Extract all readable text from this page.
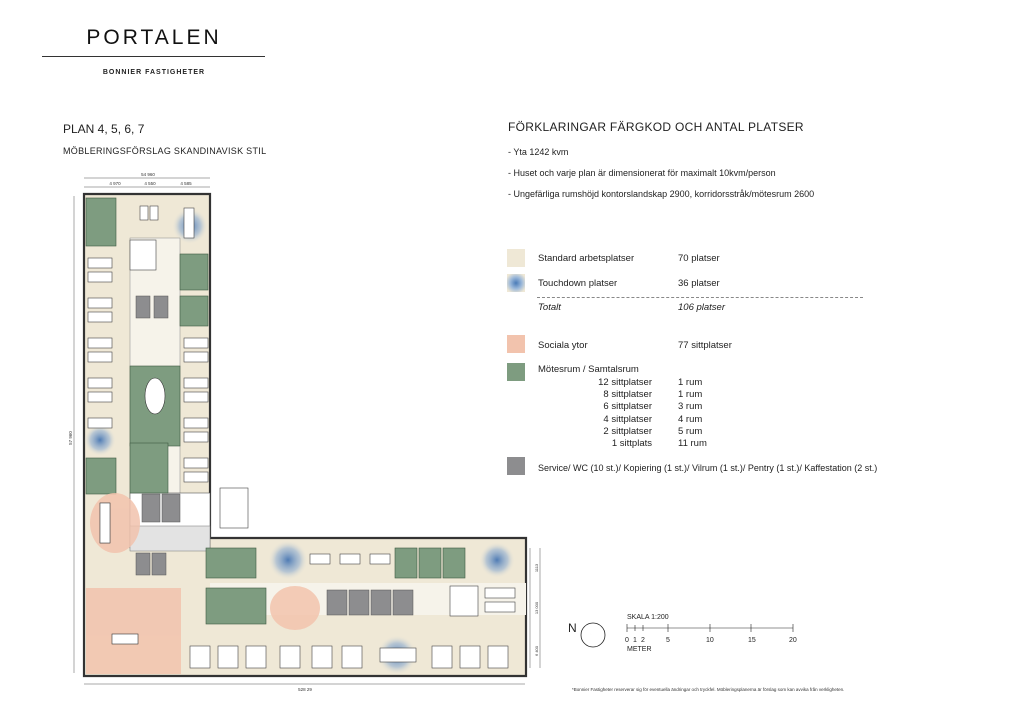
PORTALEN
BONNIER FASTIGHETER
PLAN 4, 5, 6, 7
MÖBLERINGSFÖRSLAG SKANDINAVISK STIL
FÖRKLARINGAR FÄRGKOD OCH ANTAL PLATSER
- Yta 1242 kvm
- Huset och varje plan är dimensionerat för maximalt 10kvm/person
- Ungefärliga rumshöjd kontorslandskap 2900, korridorsstråk/mötesrum 2600
Standard arbetsplatser	70 platser
Touchdown platser	36 platser
Totalt	106 platser
Sociala ytor	77 sittplatser
Mötesrum / Samtalsrum
12 sittplatser	1 rum
8 sittplatser	1 rum
6 sittplatser	3 rum
4 sittplatser	4 rum
2 sittplatser	5 rum
1 sittplats	11 rum
Service/ WC (10 st.)/ Kopiering (1 st.)/ Vilrum (1 st.)/ Pentry (1 st.)/ Kaffestation (2 st.)
54 960
4 970	4 550	4 585
57 960
528 29
1113
13 000
6 400
N
SKALA 1:200
METER
0 1 2	5	10	15	20
*Bonnier Fastigheter reserverar sig för eventuella ändringar och tryckfel. Möbleringsplanerna är förslag som kan avvika från verkligheten.
